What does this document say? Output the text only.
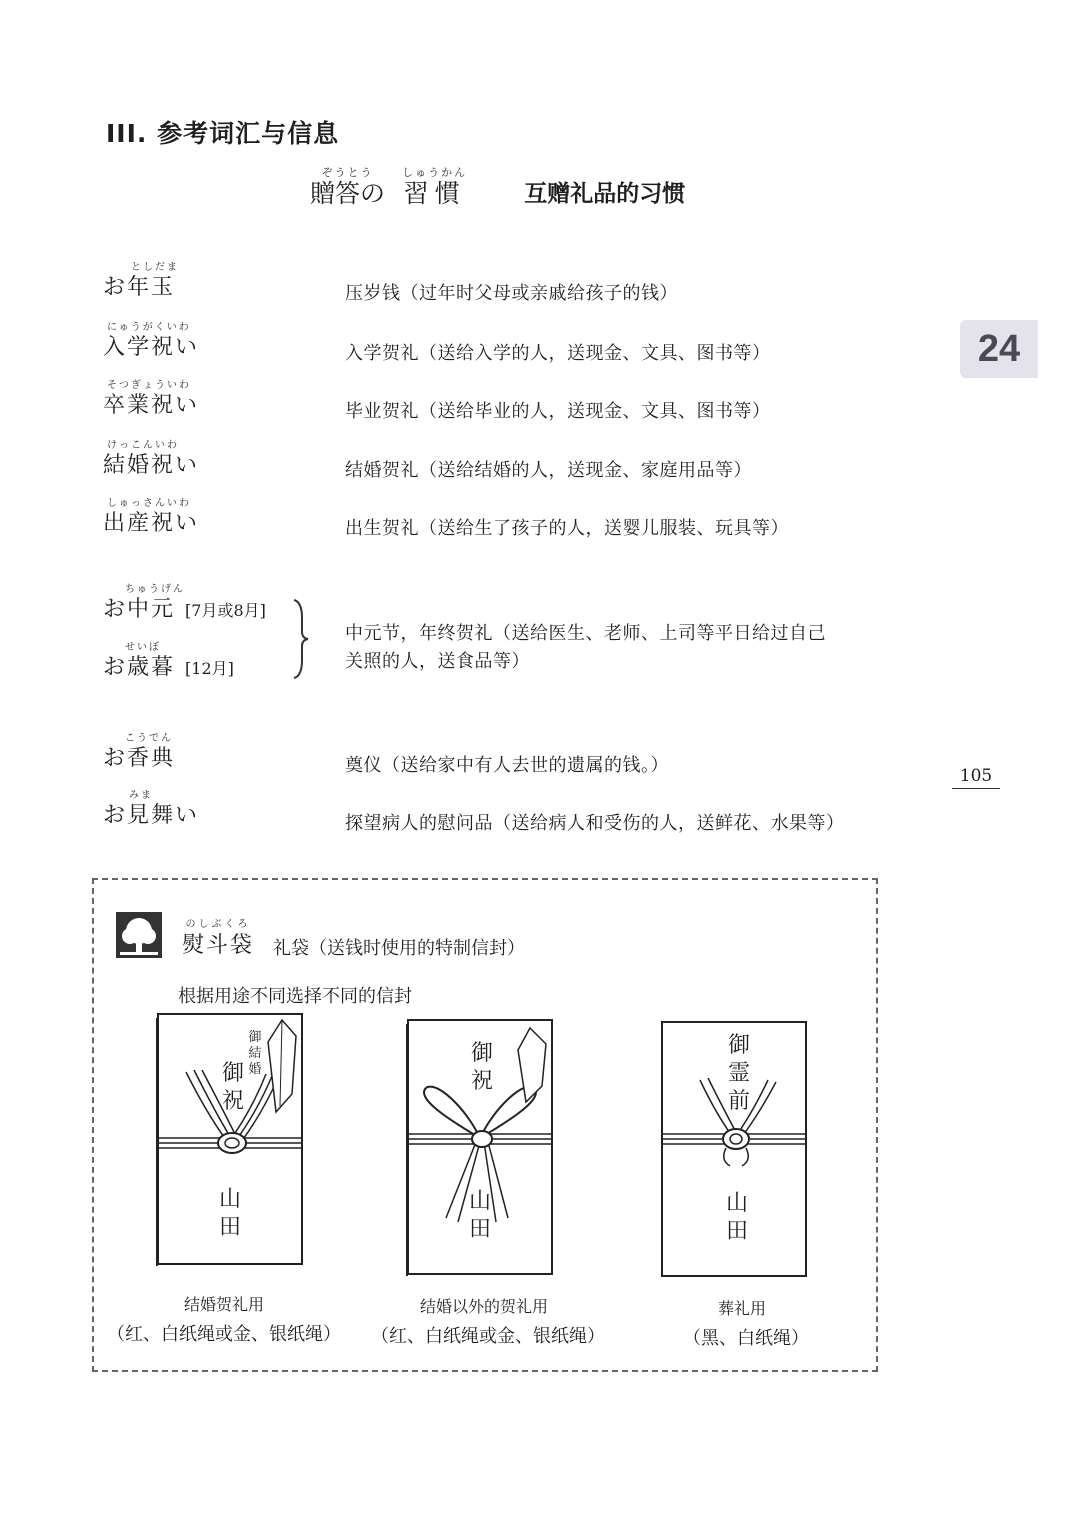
III. 参考词汇与信息
ぞうとう
贈答の

しゅうかん
習慣	互赠礼品的习惯
としだま
お年玉	压岁钱（过年时父母或亲戚给孩子的钱）
にゅうがくいわ
入学祝い	入学贺礼（送给入学的人，送现金、文具、图书等）
そつぎょういわ
卒業祝い	毕业贺礼（送给毕业的人，送现金、文具、图书等）
けっこんいわ
結婚祝い	结婚贺礼（送给结婚的人，送现金、家庭用品等）
しゅっさんいわ
出産祝い	出生贺礼（送给生了孩子的人，送婴儿服装、玩具等）
ちゅうげん
お中元 [7月或8月]
せいぼ
お歳暮 [12月]
中元节，年终贺礼（送给医生、老师、上司等平日给过自己
关照的人，送食品等）
こうでん
お香典	奠仪（送给家中有人去世的遗属的钱。）
みま
お見舞い	探望病人的慰问品（送给病人和受伤的人，送鲜花、水果等）
24
105
のしぶくろ
熨斗袋 礼袋（送钱时使用的特制信封）
根据用途不同选择不同的信封
御
祝
御
結
婚
山
田
御
祝
山
田
御
霊
前
山
田
结婚贺礼用
（红、白纸绳或金、银纸绳）
结婚以外的贺礼用
（红、白纸绳或金、银纸绳）
葬礼用
（黑、白纸绳）
